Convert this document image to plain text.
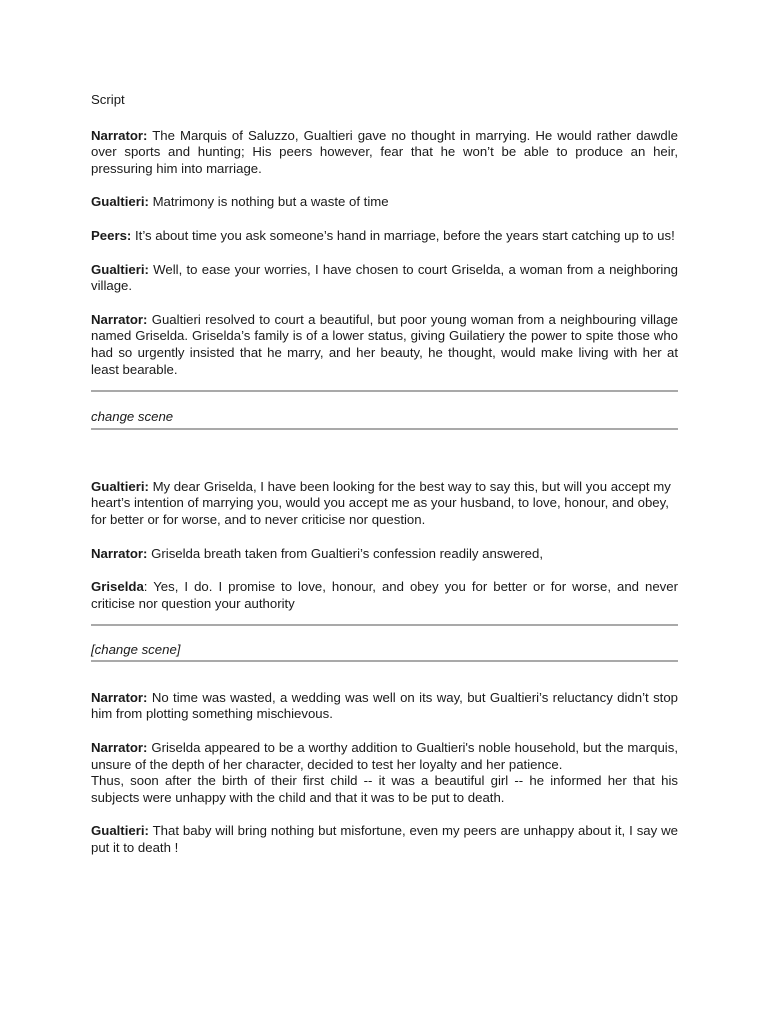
Script

Narrator: The Marquis of Saluzzo, Gualtieri gave no thought in marrying. He would rather dawdle over sports and hunting; His peers however, fear that he won’t be able to produce an heir, pressuring him into marriage.

Gualtieri: Matrimony is nothing but a waste of time

Peers: It’s about time you ask someone’s hand in marriage, before the years start catching up to us!

Gualtieri: Well, to ease your worries, I have chosen to court Griselda, a woman from a neighboring village.

Narrator: Gualtieri resolved to court a beautiful, but poor young woman from a neighbouring village named Griselda. Griselda’s family is of a lower status, giving Guilatiery the power to spite those who had so urgently insisted that he marry, and her beauty, he thought, would make living with her at least bearable.

change scene

Gualtieri: My dear Griselda, I have been looking for the best way to say this, but will you accept my heart’s intention of marrying you, would you accept me as your husband, to love, honour, and obey, for better or for worse, and to never criticise nor question.

Narrator: Griselda breath taken from Gualtieri’s confession readily answered,

Griselda: Yes, I do. I promise to love, honour, and obey you for better or for worse, and never criticise nor question your authority

[change scene]

Narrator: No time was wasted, a wedding was well on its way, but Gualtieri’s reluctancy didn’t stop him from plotting something mischievous.

Narrator: Griselda appeared to be a worthy addition to Gualtieri's noble household, but the marquis, unsure of the depth of her character, decided to test her loyalty and her patience.
Thus, soon after the birth of their first child -- it was a beautiful girl -- he informed her that his subjects were unhappy with the child and that it was to be put to death.

Gualtieri: That baby will bring nothing but misfortune, even my peers are unhappy about it, I say we put it to death !
